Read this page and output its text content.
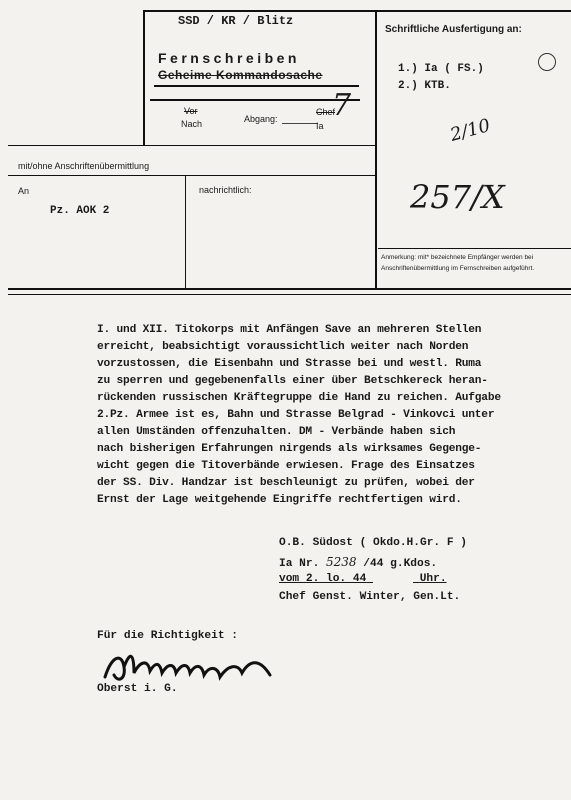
SSD / KR / Blitz
Schriftliche Ausfertigung an:
Fernschreiben
Geheime Kommandosache
Vor
Nach	Abgang:
Chef
Ia
7
1.) Ia ( FS.)
2.) KTB.
2/10
257/X
Anmerkung: mit* bezeichnete Empfänger werden bei
Anschriftenübermittlung im Fernschreiben aufgeführt.
mit/ohne Anschriftenübermittlung
An
Pz. AOK 2
nachrichtlich:
I. und XII. Titokorps mit Anfängen Save an mehreren Stellen
erreicht, beabsichtigt voraussichtlich weiter nach Norden
vorzustossen, die Eisenbahn und Strasse bei und westl. Ruma
zu sperren und gegebenenfalls einer über Betschkereck heran-
rückenden russischen Kräftegruppe die Hand zu reichen. Aufgabe
2.Pz. Armee ist es, Bahn und Strasse Belgrad - Vinkovci unter
allen Umständen offenzuhalten. DM - Verbände haben sich
nach bisherigen Erfahrungen nirgends als wirksames Gegenge-
wicht gegen die Titoverbände erwiesen. Frage des Einsatzes
der SS. Div. Handzar ist beschleunigt zu prüfen, wobei der
Ernst der Lage weitgehende Eingriffe rechtfertigen wird.
O.B. Südost ( Okdo.H.Gr. F )
Ia Nr. 5238 /44 g.Kdos.
vom 2. lo. 44	Uhr.
Chef Genst. Winter, Gen.Lt.
Für die Richtigkeit :
Oberst i. G.
